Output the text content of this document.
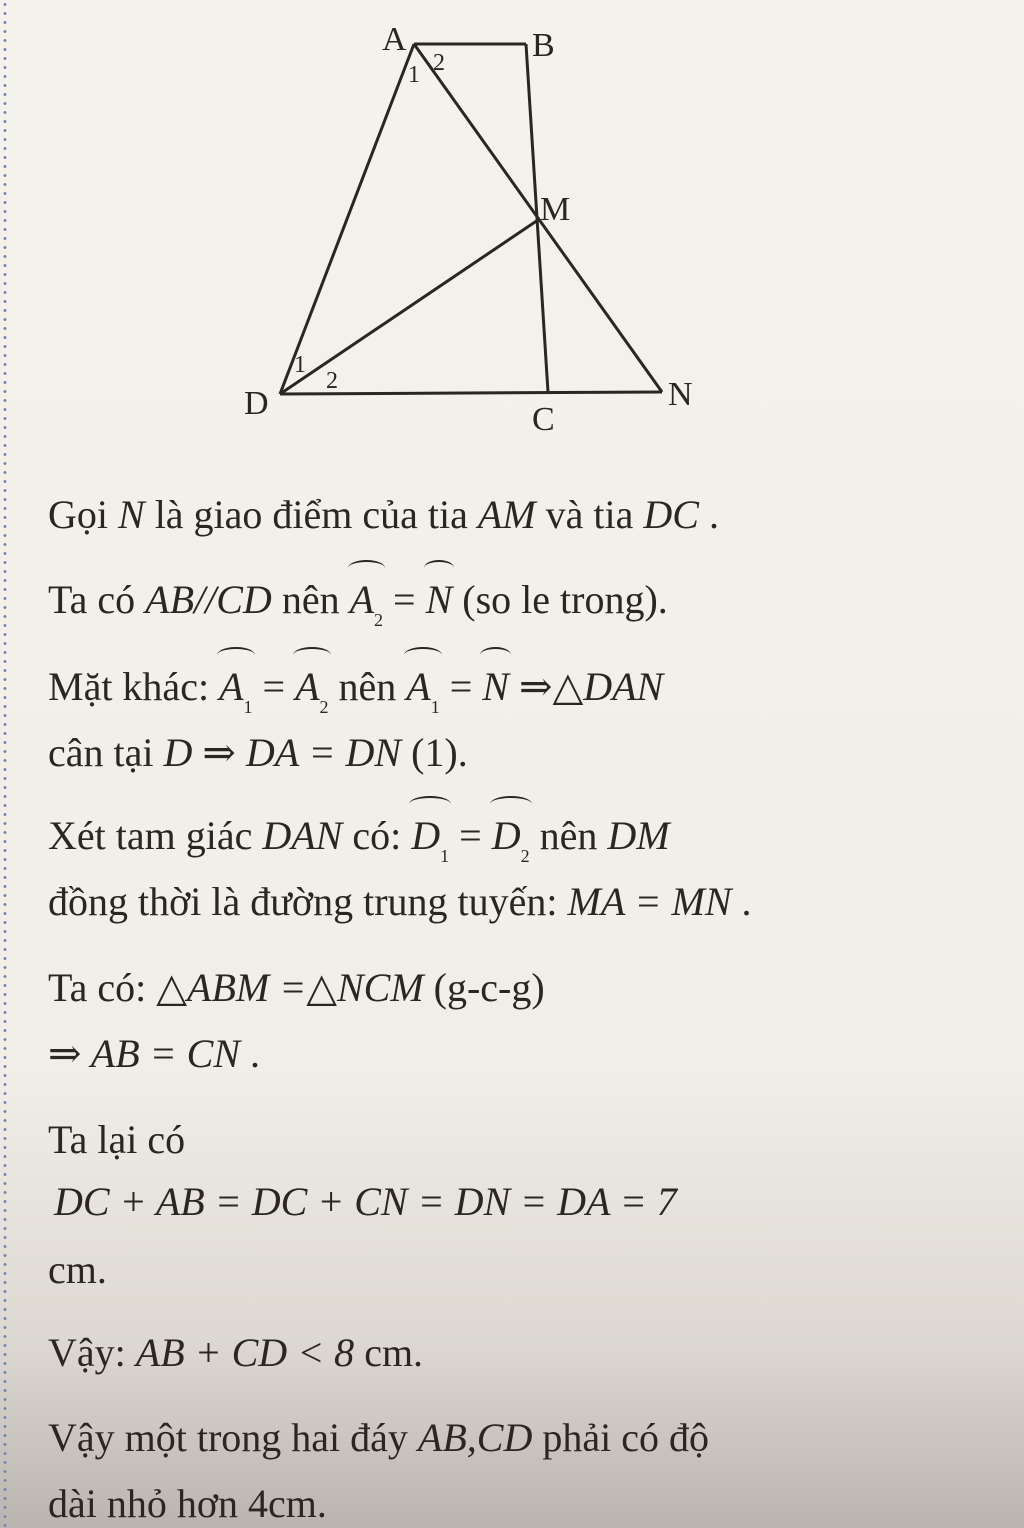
A	B
M
D	C
N
1 2
1
2
Gọi N là giao điểm của tia AM và tia DC .
Ta có AB//CD nên
$A_2$ =
N (so le trong).
Mặt khác:
$A_1$ =
$A_2$ nên
$A_1$ =
N ⇒△DAN
cân tại D ⇒ DA = DN (1).
Xét tam giác DAN có:
$D_1$ =
$D_2$ nên DM
đồng thời là đường trung tuyến: MA = MN .
Ta có: △ABM =△NCM (g-c-g)
⇒ AB = CN .
Ta lại có
DC + AB = DC + CN = DN = DA = 7
cm.
Vậy: AB + CD < 8 cm.
Vậy một trong hai đáy AB,CD phải có độ
dài nhỏ hơn 4cm.
